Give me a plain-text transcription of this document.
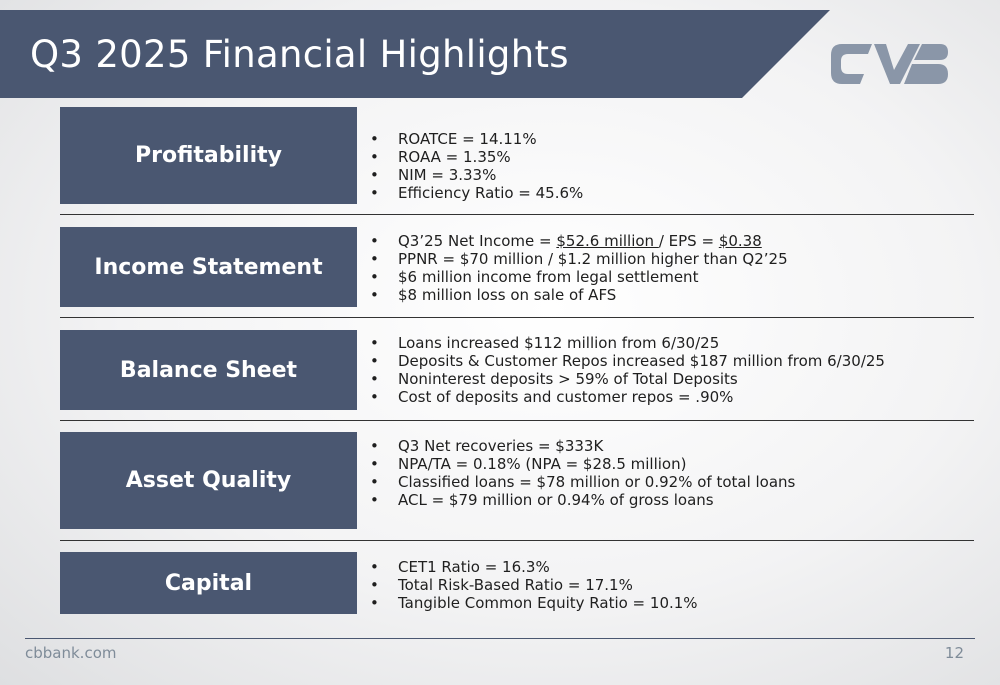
Q3 2025 Financial Highlights
Profitability
• ROATCE = 14.11%
• ROAA = 1.35%
• NIM = 3.33%
• Efficiency Ratio = 45.6%
Income Statement
• Q3’25 Net Income = $52.6 million / EPS = $0.38
• PPNR = $70 million / $1.2 million higher than Q2’25
• $6 million income from legal settlement
• $8 million loss on sale of AFS
Balance Sheet
• Loans increased $112 million from 6/30/25
• Deposits & Customer Repos increased $187 million from 6/30/25
• Noninterest deposits > 59% of Total Deposits
• Cost of deposits and customer repos = .90%
Asset Quality
• Q3 Net recoveries = $333K
• NPA/TA = 0.18% (NPA = $28.5 million)
• Classified loans = $78 million or 0.92% of total loans
• ACL = $79 million or 0.94% of gross loans
Capital
• CET1 Ratio = 16.3%
• Total Risk-Based Ratio = 17.1%
• Tangible Common Equity Ratio = 10.1%
cbbank.com	12
